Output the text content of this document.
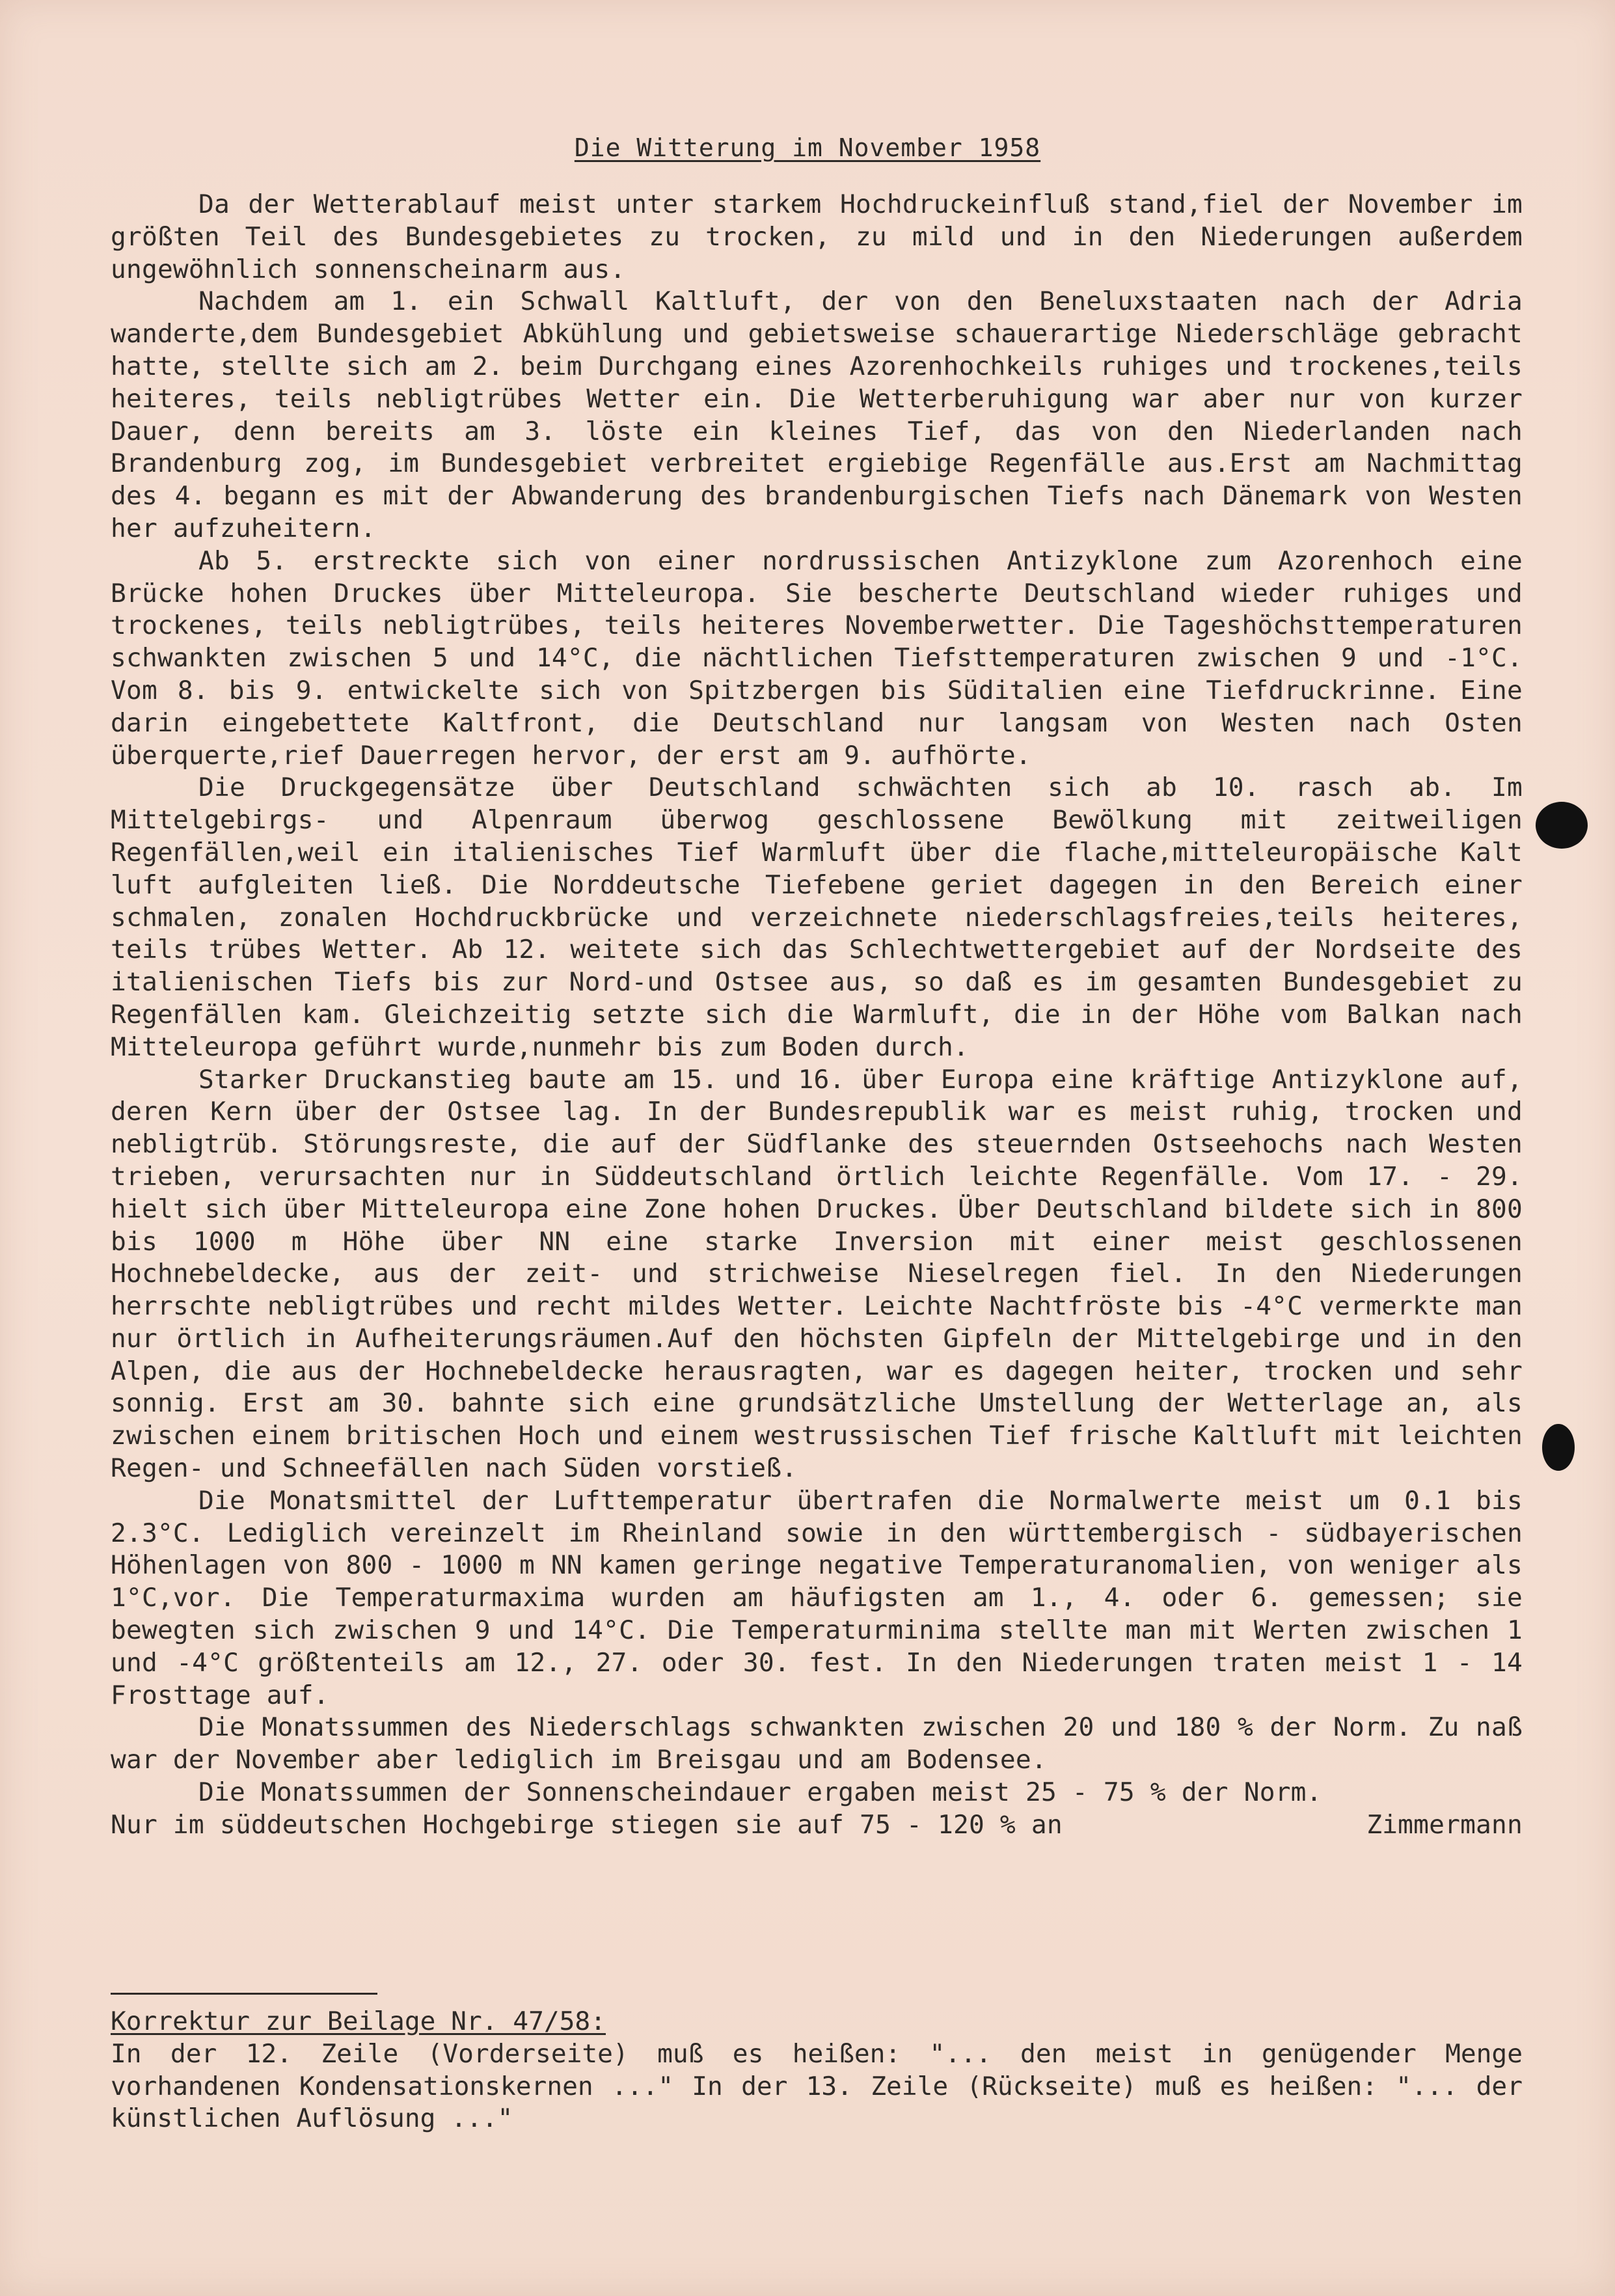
Die Witterung im November 1958

Da der Wetterablauf meist unter starkem Hochdruckeinfluß stand,fiel der November im größten Teil des Bundesgebietes zu trocken, zu mild und in den Niederungen außerdem ungewöhnlich sonnenscheinarm aus.

Nachdem am 1. ein Schwall Kaltluft, der von den Beneluxstaaten nach der Adria wanderte,dem Bundesgebiet Abkühlung und gebietsweise schauerartige Niederschläge gebracht hatte, stellte sich am 2. beim Durchgang eines Azorenhochkeils ruhiges und trockenes,teils heiteres, teils nebligtrübes Wetter ein. Die Wetterberuhigung war aber nur von kurzer Dauer, denn bereits am 3. löste ein kleines Tief, das von den Niederlanden nach Brandenburg zog, im Bundesgebiet verbreitet ergiebige Regenfälle aus.Erst am Nachmittag des 4. begann es mit der Abwanderung des brandenburgischen Tiefs nach Dänemark von Westen her aufzuheitern.

Ab 5. erstreckte sich von einer nordrussischen Antizyklone zum Azorenhoch eine Brücke hohen Druckes über Mitteleuropa. Sie bescherte Deutschland wieder ruhiges und trockenes, teils nebligtrübes, teils heiteres Novemberwetter. Die Tageshöchsttemperaturen schwankten zwischen 5 und 14°C, die nächtlichen Tiefsttemperaturen zwischen 9 und -1°C. Vom 8. bis 9. entwickelte sich von Spitzbergen bis Süditalien eine Tiefdruckrinne. Eine darin eingebettete Kaltfront, die Deutschland nur langsam von Westen nach Osten überquerte,rief Dauerregen hervor, der erst am 9. aufhörte.

Die Druckgegensätze über Deutschland schwächten sich ab 10. rasch ab. Im Mittelgebirgs- und Alpenraum überwog geschlossene Bewölkung mit zeitweiligen Regenfällen,weil ein italienisches Tief Warmluft über die flache,mitteleuropäische Kalt luft aufgleiten ließ. Die Norddeutsche Tiefebene geriet dagegen in den Bereich einer schmalen, zonalen Hochdruckbrücke und verzeichnete niederschlagsfreies,teils heiteres, teils trübes Wetter. Ab 12. weitete sich das Schlechtwettergebiet auf der Nordseite des italienischen Tiefs bis zur Nord-und Ostsee aus, so daß es im gesamten Bundesgebiet zu Regenfällen kam. Gleichzeitig setzte sich die Warmluft, die in der Höhe vom Balkan nach Mitteleuropa geführt wurde,nunmehr bis zum Boden durch.

Starker Druckanstieg baute am 15. und 16. über Europa eine kräftige Antizyklone auf, deren Kern über der Ostsee lag. In der Bundesrepublik war es meist ruhig, trocken und nebligtrüb. Störungsreste, die auf der Südflanke des steuernden Ostseehochs nach Westen trieben, verursachten nur in Süddeutschland örtlich leichte Regenfälle. Vom 17. - 29. hielt sich über Mitteleuropa eine Zone hohen Druckes. Über Deutschland bildete sich in 800 bis 1000 m Höhe über NN eine starke Inversion mit einer meist geschlossenen Hochnebeldecke, aus der zeit- und strichweise Nieselregen fiel. In den Niederungen herrschte nebligtrübes und recht mildes Wetter. Leichte Nachtfröste bis -4°C vermerkte man nur örtlich in Aufheiterungsräumen.Auf den höchsten Gipfeln der Mittelgebirge und in den Alpen, die aus der Hochnebeldecke herausragten, war es dagegen heiter, trocken und sehr sonnig. Erst am 30. bahnte sich eine grundsätzliche Umstellung der Wetterlage an, als zwischen einem britischen Hoch und einem westrussischen Tief frische Kaltluft mit leichten Regen- und Schneefällen nach Süden vorstieß.

Die Monatsmittel der Lufttemperatur übertrafen die Normalwerte meist um 0.1 bis 2.3°C. Lediglich vereinzelt im Rheinland sowie in den württembergisch - südbayerischen Höhenlagen von 800 - 1000 m NN kamen geringe negative Temperaturanomalien, von weniger als 1°C,vor. Die Temperaturmaxima wurden am häufigsten am 1., 4. oder 6. gemessen; sie bewegten sich zwischen 9 und 14°C. Die Temperaturminima stellte man mit Werten zwischen 1 und -4°C größtenteils am 12., 27. oder 30. fest. In den Niederungen traten meist 1 - 14 Frosttage auf.

Die Monatssummen des Niederschlags schwankten zwischen 20 und 180 % der Norm. Zu naß war der November aber lediglich im Breisgau und am Bodensee.

Die Monatssummen der Sonnenscheindauer ergaben meist 25 - 75 % der Norm.

Nur im süddeutschen Hochgebirge stiegen sie auf 75 - 120 % an	Zimmermann
Korrektur zur Beilage Nr. 47/58:

In der 12. Zeile (Vorderseite) muß es heißen: "... den meist in genügender Menge vorhandenen Kondensationskernen ..." In der 13. Zeile (Rückseite) muß es heißen: "... der künstlichen Auflösung ..."
